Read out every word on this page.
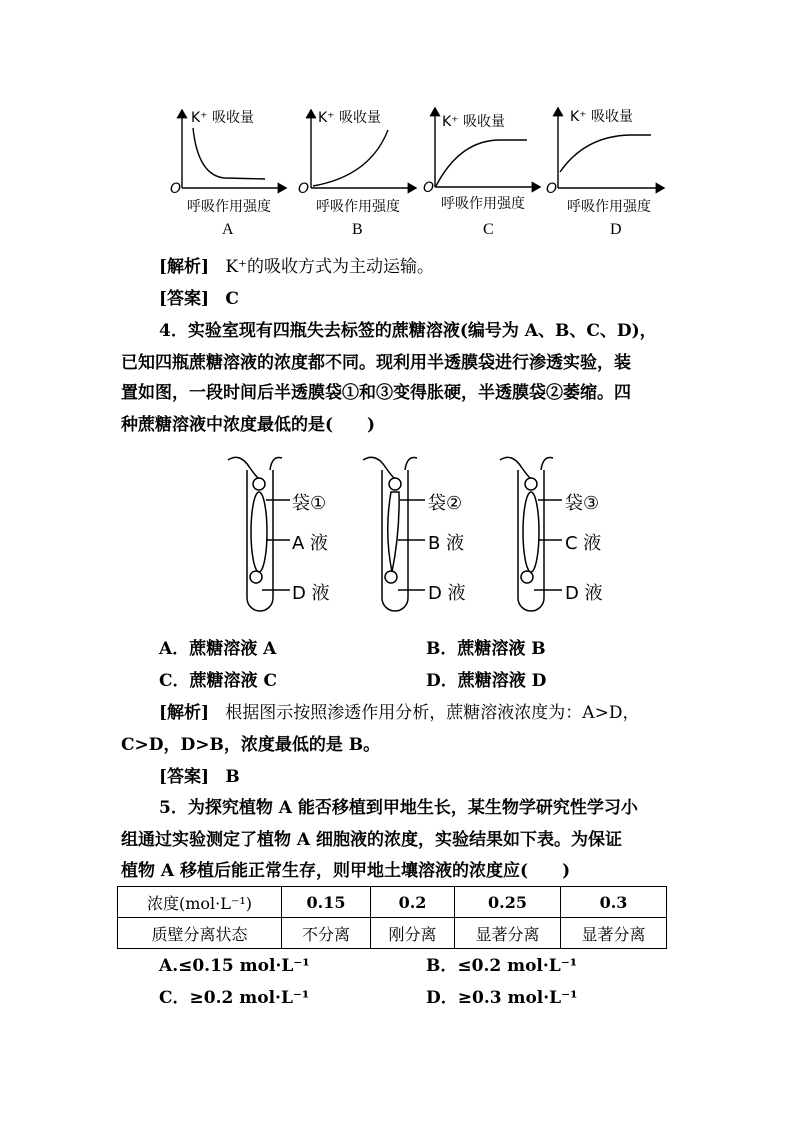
K⁺ 吸收量	K⁺ 吸收量	K⁺ 吸收量	K⁺ 吸收量
O	O	O	O
呼吸作用强度	呼吸作用强度	呼吸作用强度	呼吸作用强度
A	B	C	D
[解析] K⁺的吸收方式为主动运输。
[答案] C
4．实验室现有四瓶失去标签的蔗糖溶液(编号为 A、B、C、D)，
已知四瓶蔗糖溶液的浓度都不同。现利用半透膜袋进行渗透实验，装
置如图，一段时间后半透膜袋①和③变得胀硬，半透膜袋②萎缩。四
种蔗糖溶液中浓度最低的是(　　)
袋①
A 液
D 液
袋②
B 液
D 液
袋③
C 液
D 液
A．蔗糖溶液 A	B．蔗糖溶液 B
C．蔗糖溶液 C	D．蔗糖溶液 D
[解析] 根据图示按照渗透作用分析，蔗糖溶液浓度为：A>D，
C>D，D>B，浓度最低的是 B。
[答案] B
5．为探究植物 A 能否移植到甲地生长，某生物学研究性学习小
组通过实验测定了植物 A 细胞液的浓度，实验结果如下表。为保证
植物 A 移植后能正常生存，则甲地土壤溶液的浓度应(　　)
浓度(mol·L⁻¹)	0.15	0.2	0.25	0.3
质壁分离状态	不分离	刚分离	显著分离	显著分离
A.≤0.15 mol·L⁻¹	B．≤0.2 mol·L⁻¹
C．≥0.2 mol·L⁻¹	D．≥0.3 mol·L⁻¹
